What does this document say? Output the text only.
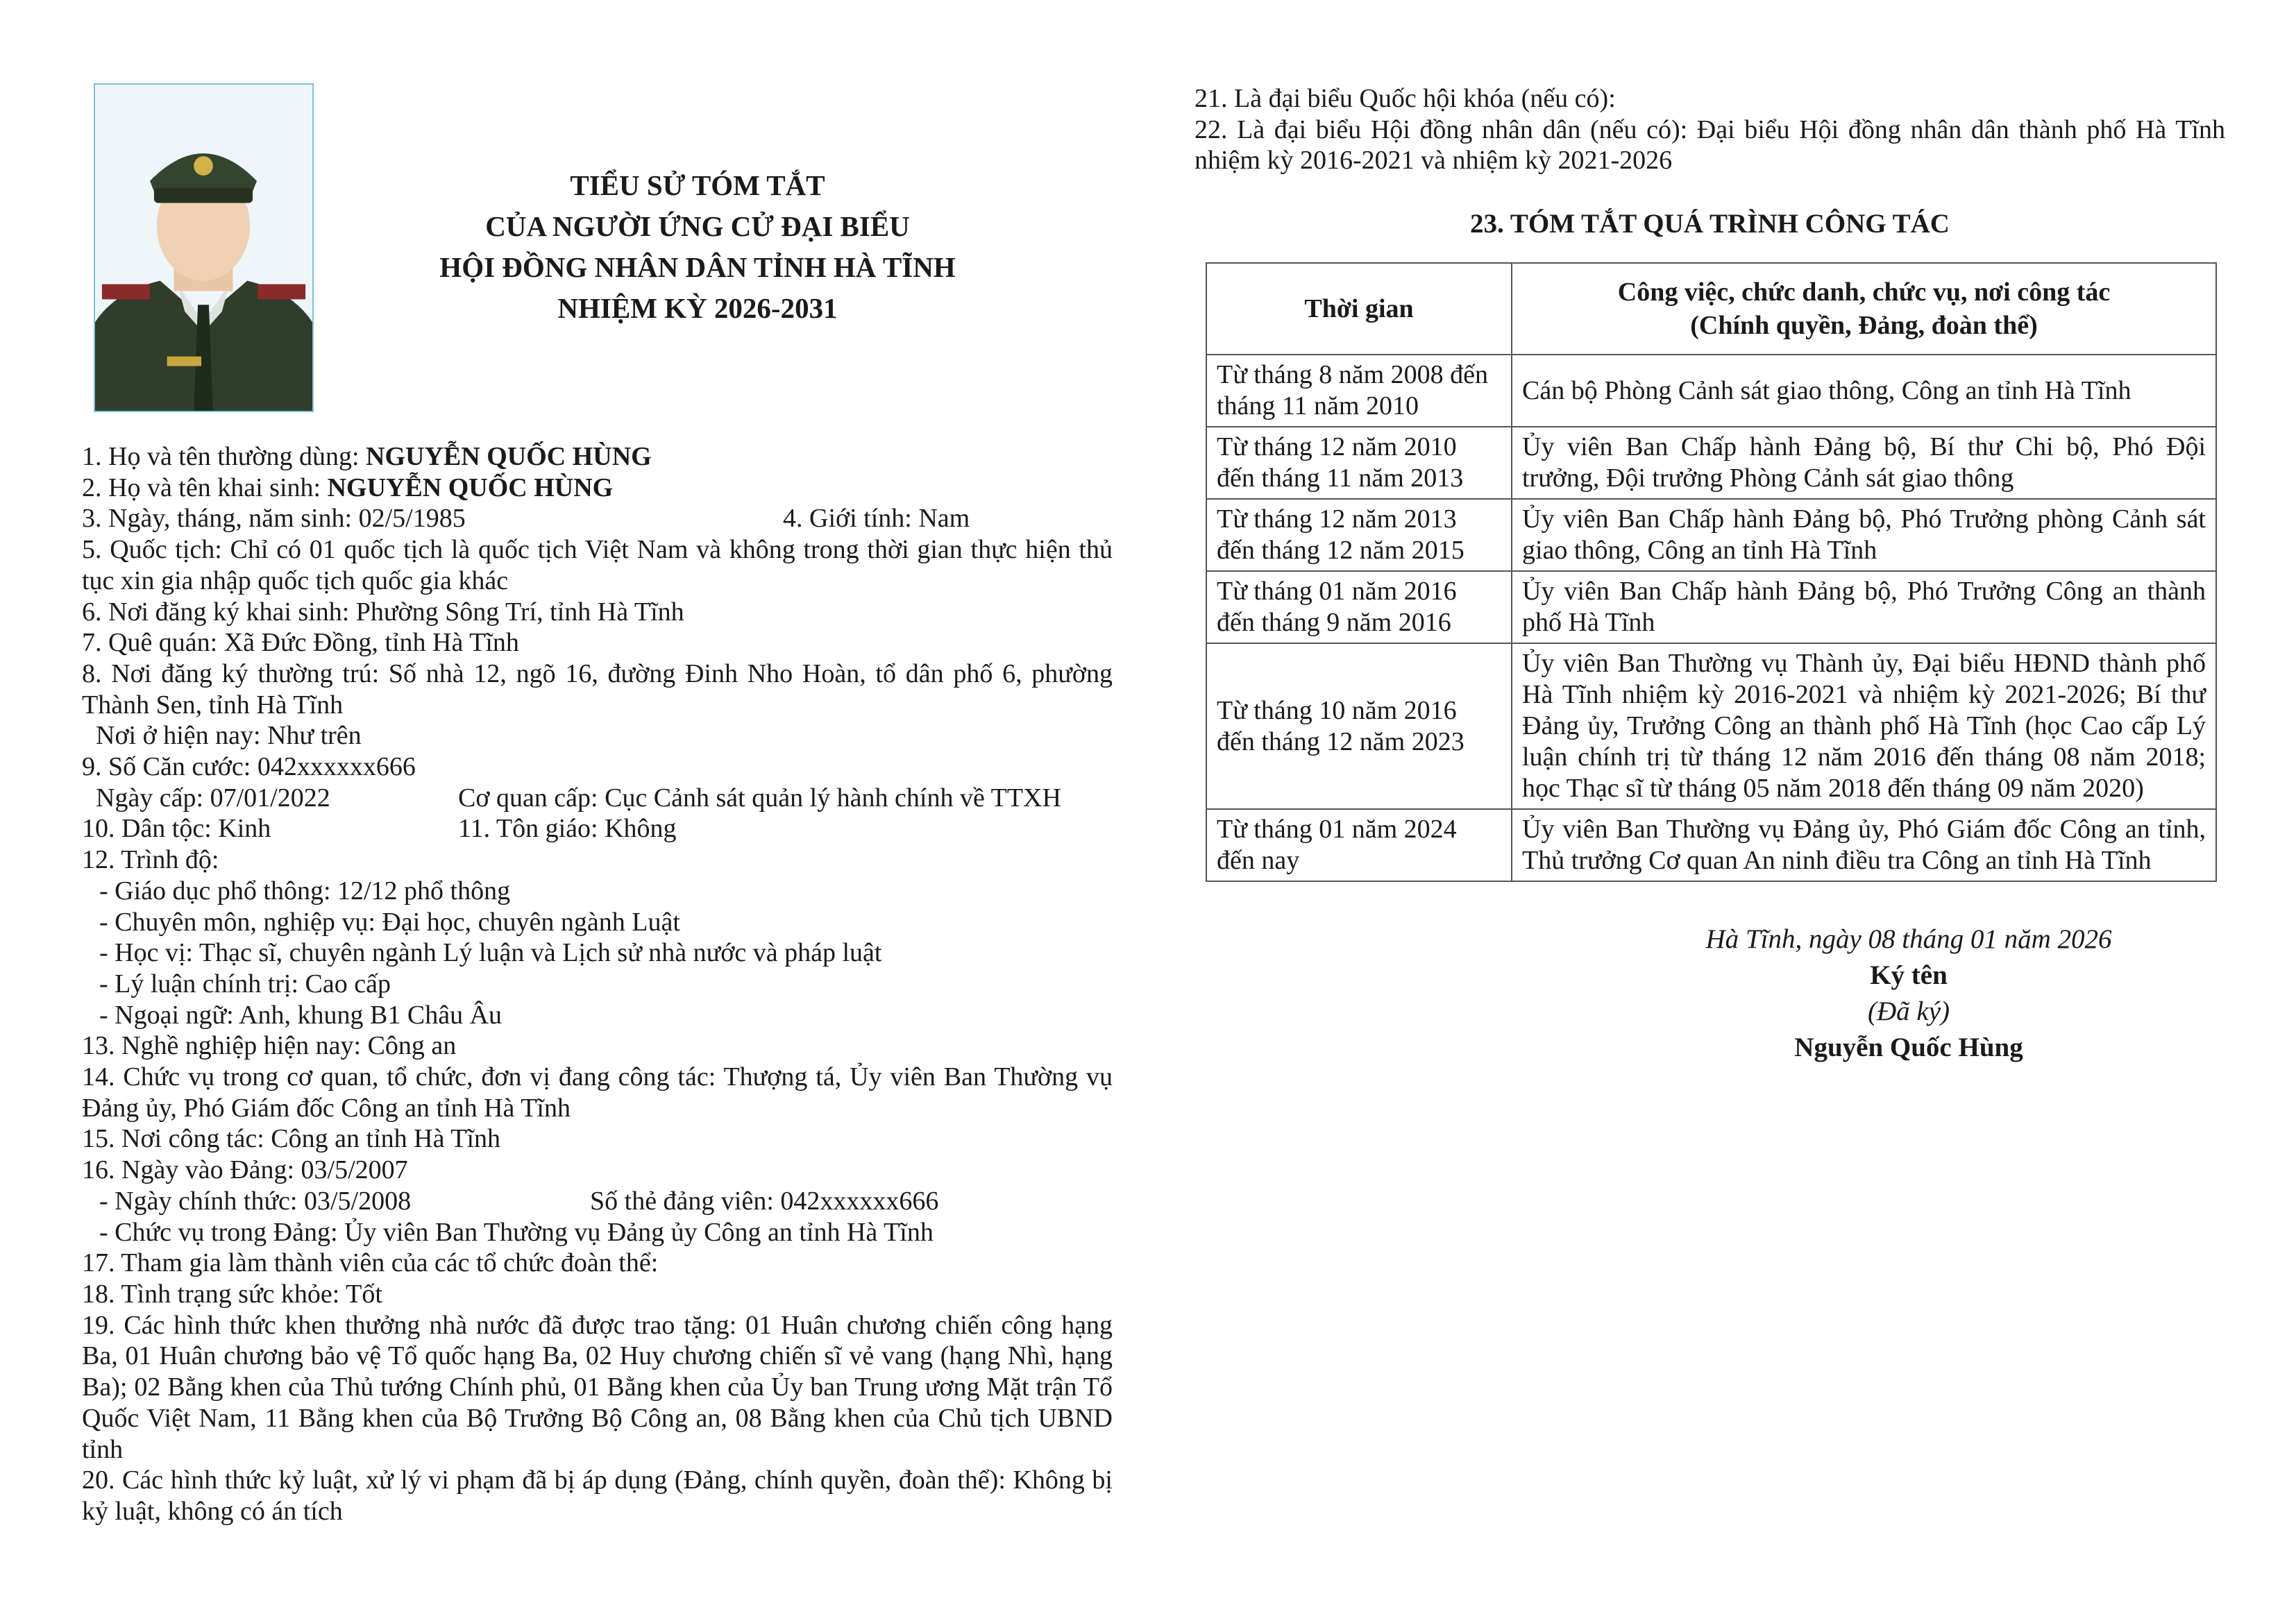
TIỂU SỬ TÓM TẮT
CỦA NGƯỜI ỨNG CỬ ĐẠI BIỂU
HỘI ĐỒNG NHÂN DÂN TỈNH HÀ TĨNH
NHIỆM KỲ 2026-2031
1. Họ và tên thường dùng: NGUYỄN QUỐC HÙNG
2. Họ và tên khai sinh: NGUYỄN QUỐC HÙNG
3. Ngày, tháng, năm sinh: 02/5/1985	4. Giới tính: Nam
5. Quốc tịch: Chỉ có 01 quốc tịch là quốc tịch Việt Nam và không trong thời gian thực hiện thủ tục xin gia nhập quốc tịch quốc gia khác
6. Nơi đăng ký khai sinh: Phường Sông Trí, tỉnh Hà Tĩnh
7. Quê quán: Xã Đức Đồng, tỉnh Hà Tĩnh
8. Nơi đăng ký thường trú: Số nhà 12, ngõ 16, đường Đinh Nho Hoàn, tổ dân phố 6, phường Thành Sen, tỉnh Hà Tĩnh
Nơi ở hiện nay: Như trên
9. Số Căn cước: 042xxxxxx666
Ngày cấp: 07/01/2022	Cơ quan cấp: Cục Cảnh sát quản lý hành chính về TTXH
10. Dân tộc: Kinh	11. Tôn giáo: Không
12. Trình độ:
- Giáo dục phổ thông: 12/12 phổ thông
- Chuyên môn, nghiệp vụ: Đại học, chuyên ngành Luật
- Học vị: Thạc sĩ, chuyên ngành Lý luận và Lịch sử nhà nước và pháp luật
- Lý luận chính trị: Cao cấp
- Ngoại ngữ: Anh, khung B1 Châu Âu
13. Nghề nghiệp hiện nay: Công an
14. Chức vụ trong cơ quan, tổ chức, đơn vị đang công tác: Thượng tá, Ủy viên Ban Thường vụ Đảng ủy, Phó Giám đốc Công an tỉnh Hà Tĩnh
15. Nơi công tác: Công an tỉnh Hà Tĩnh
16. Ngày vào Đảng: 03/5/2007
- Ngày chính thức: 03/5/2008	Số thẻ đảng viên: 042xxxxxx666
- Chức vụ trong Đảng: Ủy viên Ban Thường vụ Đảng ủy Công an tỉnh Hà Tĩnh
17. Tham gia làm thành viên của các tổ chức đoàn thể:
18. Tình trạng sức khỏe: Tốt
19. Các hình thức khen thưởng nhà nước đã được trao tặng: 01 Huân chương chiến công hạng Ba, 01 Huân chương bảo vệ Tổ quốc hạng Ba, 02 Huy chương chiến sĩ vẻ vang (hạng Nhì, hạng Ba); 02 Bằng khen của Thủ tướng Chính phủ, 01 Bằng khen của Ủy ban Trung ương Mặt trận Tổ Quốc Việt Nam, 11 Bằng khen của Bộ Trưởng Bộ Công an, 08 Bằng khen của Chủ tịch UBND tỉnh
20. Các hình thức kỷ luật, xử lý vi phạm đã bị áp dụng (Đảng, chính quyền, đoàn thể): Không bị kỷ luật, không có án tích
21. Là đại biểu Quốc hội khóa (nếu có):
22. Là đại biểu Hội đồng nhân dân (nếu có): Đại biểu Hội đồng nhân dân thành phố Hà Tĩnh nhiệm kỳ 2016-2021 và nhiệm kỳ 2021-2026
23. TÓM TẮT QUÁ TRÌNH CÔNG TÁC
Thời gian	Công việc, chức danh, chức vụ, nơi công tác
(Chính quyền, Đảng, đoàn thể)

Từ tháng 8 năm 2008 đến tháng 11 năm 2010	Cán bộ Phòng Cảnh sát giao thông, Công an tỉnh Hà Tĩnh
Từ tháng 12 năm 2010 đến tháng 11 năm 2013	Ủy viên Ban Chấp hành Đảng bộ, Bí thư Chi bộ, Phó Đội trưởng, Đội trưởng Phòng Cảnh sát giao thông
Từ tháng 12 năm 2013 đến tháng 12 năm 2015	Ủy viên Ban Chấp hành Đảng bộ, Phó Trưởng phòng Cảnh sát giao thông, Công an tỉnh Hà Tĩnh
Từ tháng 01 năm 2016 đến tháng 9 năm 2016	Ủy viên Ban Chấp hành Đảng bộ, Phó Trưởng Công an thành phố Hà Tĩnh
Từ tháng 10 năm 2016 đến tháng 12 năm 2023	Ủy viên Ban Thường vụ Thành ủy, Đại biểu HĐND thành phố Hà Tĩnh nhiệm kỳ 2016-2021 và nhiệm kỳ 2021-2026; Bí thư Đảng ủy, Trưởng Công an thành phố Hà Tĩnh (học Cao cấp Lý luận chính trị từ tháng 12 năm 2016 đến tháng 08 năm 2018; học Thạc sĩ từ tháng 05 năm 2018 đến tháng 09 năm 2020)
Từ tháng 01 năm 2024 đến nay	Ủy viên Ban Thường vụ Đảng ủy, Phó Giám đốc Công an tỉnh, Thủ trưởng Cơ quan An ninh điều tra Công an tỉnh Hà Tĩnh
Hà Tĩnh, ngày 08 tháng 01 năm 2026
Ký tên
(Đã ký)
Nguyễn Quốc Hùng
